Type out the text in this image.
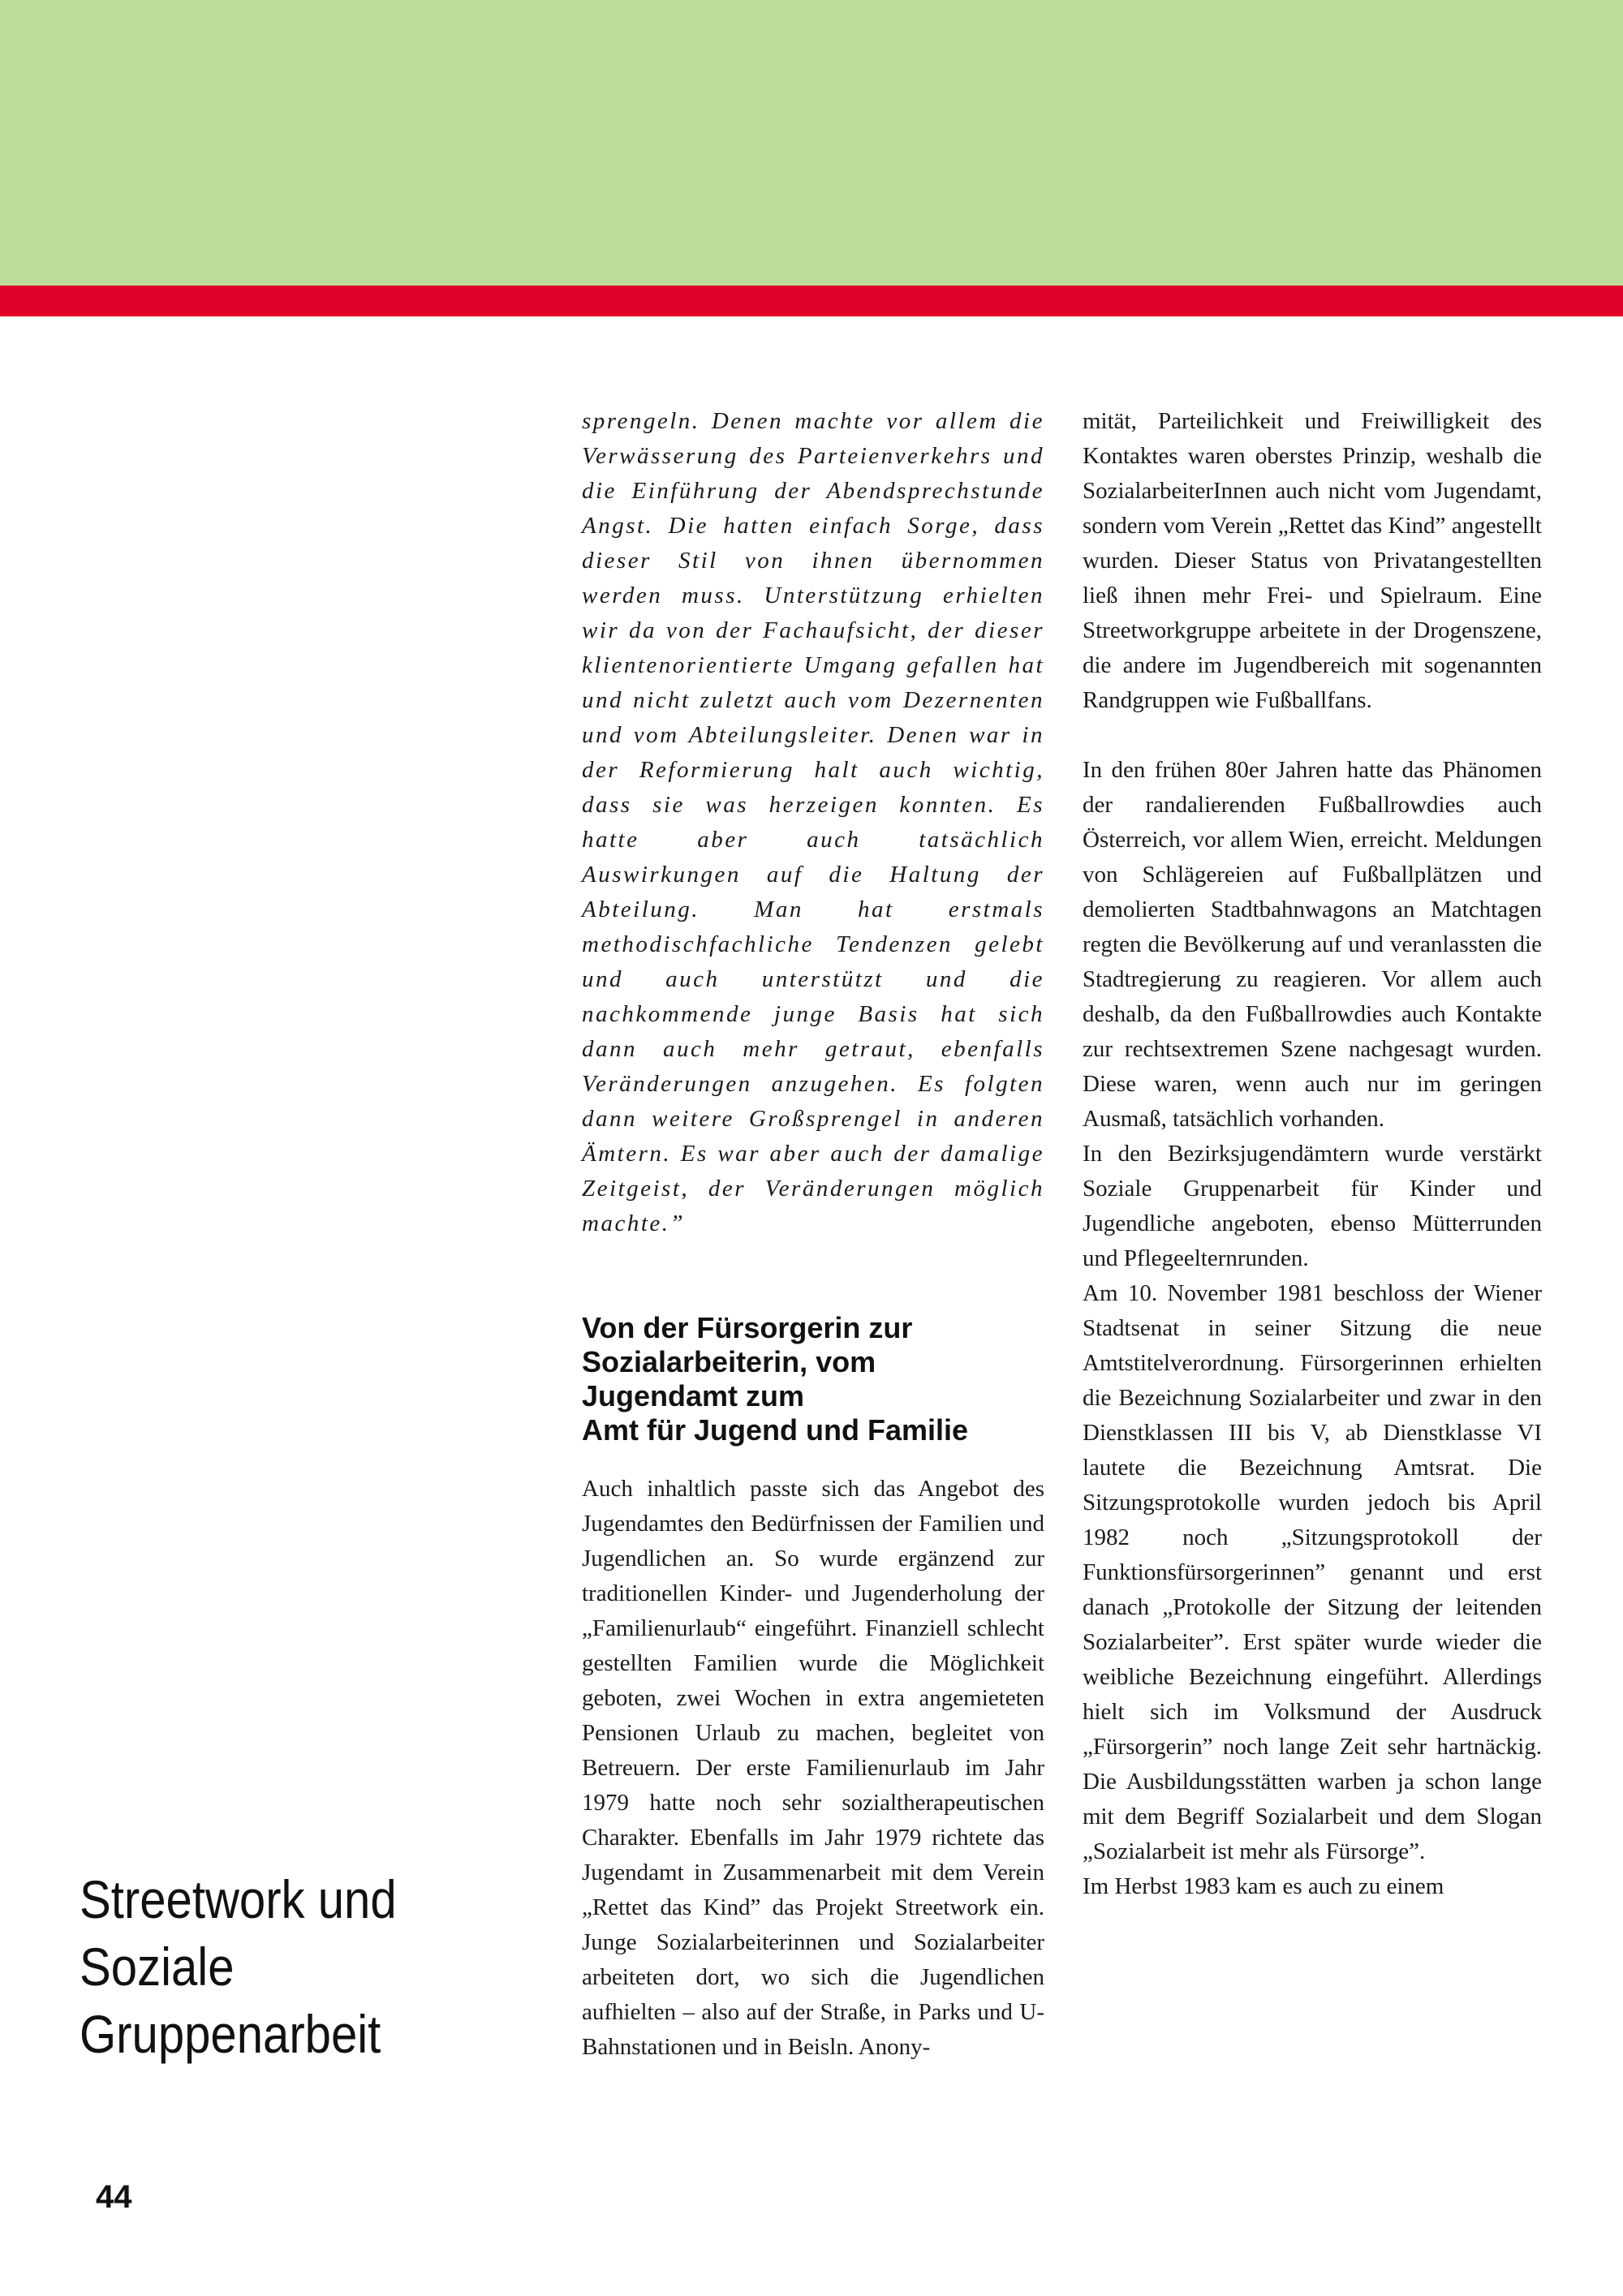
sprengeln. Denen machte vor allem die Verwässerung des Parteienverkehrs und die Einführung der Abendsprechstunde Angst. Die hatten einfach Sorge, dass dieser Stil von ihnen übernommen werden muss. Unterstützung erhielten wir da von der Fachaufsicht, der dieser klientenorientierte Umgang gefallen hat und nicht zuletzt auch vom Dezernenten und vom Abteilungsleiter. Denen war in der Reformierung halt auch wichtig, dass sie was herzeigen konnten. Es hatte aber auch tatsächlich Auswirkungen auf die Haltung der Abteilung. Man hat erstmals methodischfachliche Tendenzen gelebt und auch unterstützt und die nachkommende junge Basis hat sich dann auch mehr getraut, ebenfalls Veränderungen anzugehen. Es folgten dann weitere Großsprengel in anderen Ämtern. Es war aber auch der damalige Zeitgeist, der Veränderungen möglich machte.”

Von der Fürsorgerin zur
Sozialarbeiterin, vom
Jugendamt zum
Amt für Jugend und Familie

Auch inhaltlich passte sich das Angebot des Jugendamtes den Bedürfnissen der Familien und Jugendlichen an. So wurde ergänzend zur traditionellen Kinder- und Jugenderholung der „Familienurlaub“ eingeführt. Finanziell schlecht gestellten Familien wurde die Möglichkeit geboten, zwei Wochen in extra angemieteten Pensionen Urlaub zu machen, begleitet von Betreuern. Der erste Familienurlaub im Jahr 1979 hatte noch sehr sozialtherapeutischen Charakter. Ebenfalls im Jahr 1979 richtete das Jugendamt in Zusammenarbeit mit dem Verein „Rettet das Kind” das Projekt Streetwork ein. Junge Sozialarbeiterinnen und Sozialarbeiter arbeiteten dort, wo sich die Jugendlichen aufhielten – also auf der Straße, in Parks und U-Bahnstationen und in Beisln. Anony-

mität, Parteilichkeit und Freiwilligkeit des Kontaktes waren oberstes Prinzip, weshalb die SozialarbeiterInnen auch nicht vom Jugendamt, sondern vom Verein „Rettet das Kind” angestellt wurden. Dieser Status von Privatangestellten ließ ihnen mehr Frei- und Spielraum. Eine Streetworkgruppe arbeitete in der Drogenszene, die andere im Jugendbereich mit sogenannten Randgruppen wie Fußballfans.

In den frühen 80er Jahren hatte das Phänomen der randalierenden Fußballrowdies auch Österreich, vor allem Wien, erreicht. Meldungen von Schlägereien auf Fußballplätzen und demolierten Stadtbahnwagons an Matchtagen regten die Bevölkerung auf und veranlassten die Stadtregierung zu reagieren. Vor allem auch deshalb, da den Fußballrowdies auch Kontakte zur rechtsextremen Szene nachgesagt wurden. Diese waren, wenn auch nur im geringen Ausmaß, tatsächlich vorhanden.

In den Bezirksjugendämtern wurde verstärkt Soziale Gruppenarbeit für Kinder und Jugendliche angeboten, ebenso Mütterrunden und Pflegeelternrunden.

Am 10. November 1981 beschloss der Wiener Stadtsenat in seiner Sitzung die neue Amtstitelverordnung. Fürsorgerinnen erhielten die Bezeichnung Sozialarbeiter und zwar in den Dienstklassen III bis V, ab Dienstklasse VI lautete die Bezeichnung Amtsrat. Die Sitzungsprotokolle wurden jedoch bis April 1982 noch „Sitzungsprotokoll der Funktionsfürsorgerinnen” genannt und erst danach „Protokolle der Sitzung der leitenden Sozialarbeiter”. Erst später wurde wieder die weibliche Bezeichnung eingeführt. Allerdings hielt sich im Volksmund der Ausdruck „Fürsorgerin” noch lange Zeit sehr hartnäckig. Die Ausbildungsstätten warben ja schon lange mit dem Begriff Sozialarbeit und dem Slogan „Sozialarbeit ist mehr als Fürsorge”.

Im Herbst 1983 kam es auch zu einem

Streetwork und
Soziale
Gruppenarbeit
44
